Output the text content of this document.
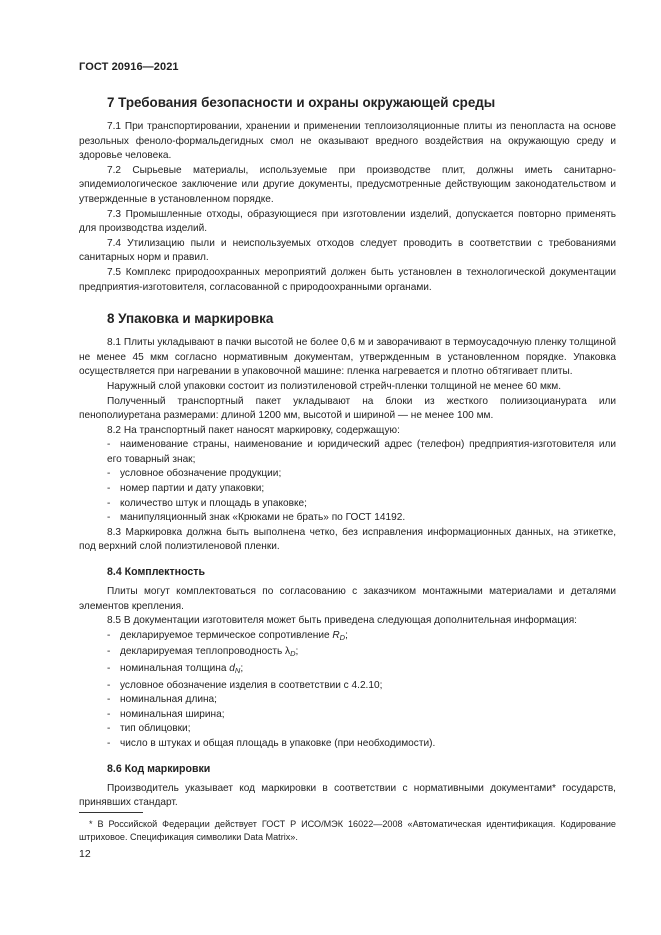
ГОСТ 20916—2021
7 Требования безопасности и охраны окружающей среды

7.1 При транспортировании, хранении и применении теплоизоляционные плиты из пенопласта на основе резольных феноло-формальдегидных смол не оказывают вредного воздействия на окружающую среду и здоровье человека.

7.2 Сырьевые материалы, используемые при производстве плит, должны иметь санитарно-эпидемиологическое заключение или другие документы, предусмотренные действующим законодательством и утвержденные в установленном порядке.

7.3 Промышленные отходы, образующиеся при изготовлении изделий, допускается повторно применять для производства изделий.

7.4 Утилизацию пыли и неиспользуемых отходов следует проводить в соответствии с требованиями санитарных норм и правил.

7.5 Комплекс природоохранных мероприятий должен быть установлен в технологической документации предприятия-изготовителя, согласованной с природоохранными органами.

8 Упаковка и маркировка

8.1 Плиты укладывают в пачки высотой не более 0,6 м и заворачивают в термоусадочную пленку толщиной не менее 45 мкм согласно нормативным документам, утвержденным в установленном порядке. Упаковка осуществляется при нагревании в упаковочной машине: пленка нагревается и плотно обтягивает плиты.

Наружный слой упаковки состоит из полиэтиленовой стрейч-пленки толщиной не менее 60 мкм.

Полученный транспортный пакет укладывают на блоки из жесткого полиизоцианурата или пенополиуретана размерами: длиной 1200 мм, высотой и шириной — не менее 100 мм.

8.2 На транспортный пакет наносят маркировку, содержащую:

- наименование страны, наименование и юридический адрес (телефон) предприятия-изготовителя или его товарный знак;
- условное обозначение продукции;
- номер партии и дату упаковки;
- количество штук и площадь в упаковке;
- манипуляционный знак «Крюками не брать» по ГОСТ 14192.

8.3 Маркировка должна быть выполнена четко, без исправления информационных данных, на этикетке, под верхний слой полиэтиленовой пленки.

8.4 Комплектность

Плиты могут комплектоваться по согласованию с заказчиком монтажными материалами и деталями элементов крепления.

8.5 В документации изготовителя может быть приведена следующая дополнительная информация:

- декларируемое термическое сопротивление $R_D$;
- декларируемая теплопроводность $\lambda_D$;
- номинальная толщина $d_N$;
- условное обозначение изделия в соответствии с 4.2.10;
- номинальная длина;
- номинальная ширина;
- тип облицовки;
- число в штуках и общая площадь в упаковке (при необходимости).
8.6 Код маркировки

Производитель указывает код маркировки в соответствии с нормативными документами* государств, принявших стандарт.

* В Российской Федерации действует ГОСТ Р ИСО/МЭК 16022—2008 «Автоматическая идентификация. Кодирование штриховое. Спецификация символики Data Matrix».
12
